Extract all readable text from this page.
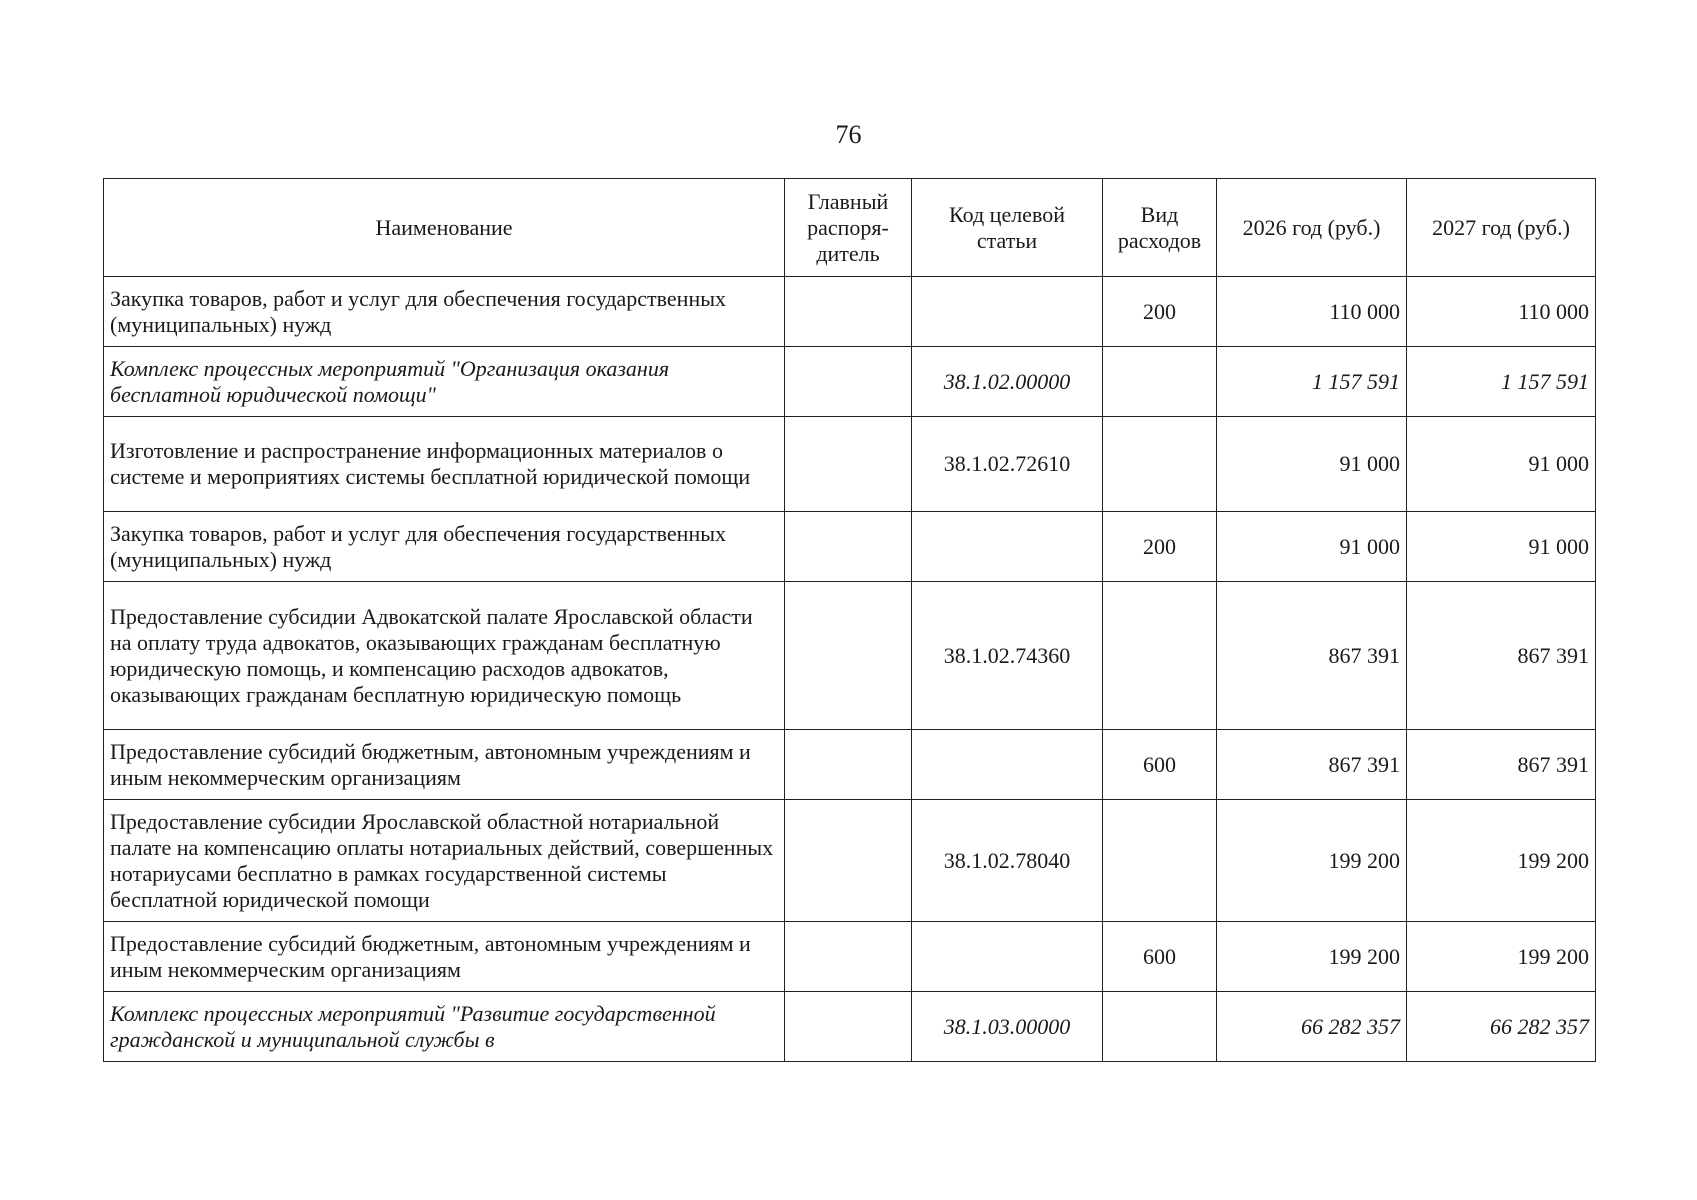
76
Наименование	Главный распоря-дитель	Код целевой статьи	Вид расходов	2026 год (руб.)	2027 год (руб.)
Закупка товаров, работ и услуг для обеспечения государственных (муниципальных) нужд			200	110 000	110 000
Комплекс процессных мероприятий "Организация оказания бесплатной юридической помощи"		38.1.02.00000		1 157 591	1 157 591
Изготовление и распространение информационных материалов о системе и мероприятиях системы бесплатной юридической помощи		38.1.02.72610		91 000	91 000
Закупка товаров, работ и услуг для обеспечения государственных (муниципальных) нужд			200	91 000	91 000
Предоставление субсидии Адвокатской палате Ярославской области на оплату труда адвокатов, оказывающих гражданам бесплатную юридическую помощь, и компенсацию расходов адвокатов, оказывающих гражданам бесплатную юридическую помощь		38.1.02.74360		867 391	867 391
Предоставление субсидий бюджетным, автономным учреждениям и иным некоммерческим организациям			600	867 391	867 391
Предоставление субсидии Ярославской областной нотариальной палате на компенсацию оплаты нотариальных действий, совершенных нотариусами бесплатно в рамках государственной системы бесплатной юридической помощи		38.1.02.78040		199 200	199 200
Предоставление субсидий бюджетным, автономным учреждениям и иным некоммерческим организациям			600	199 200	199 200
Комплекс процессных мероприятий "Развитие государственной гражданской и муниципальной службы в		38.1.03.00000		66 282 357	66 282 357
